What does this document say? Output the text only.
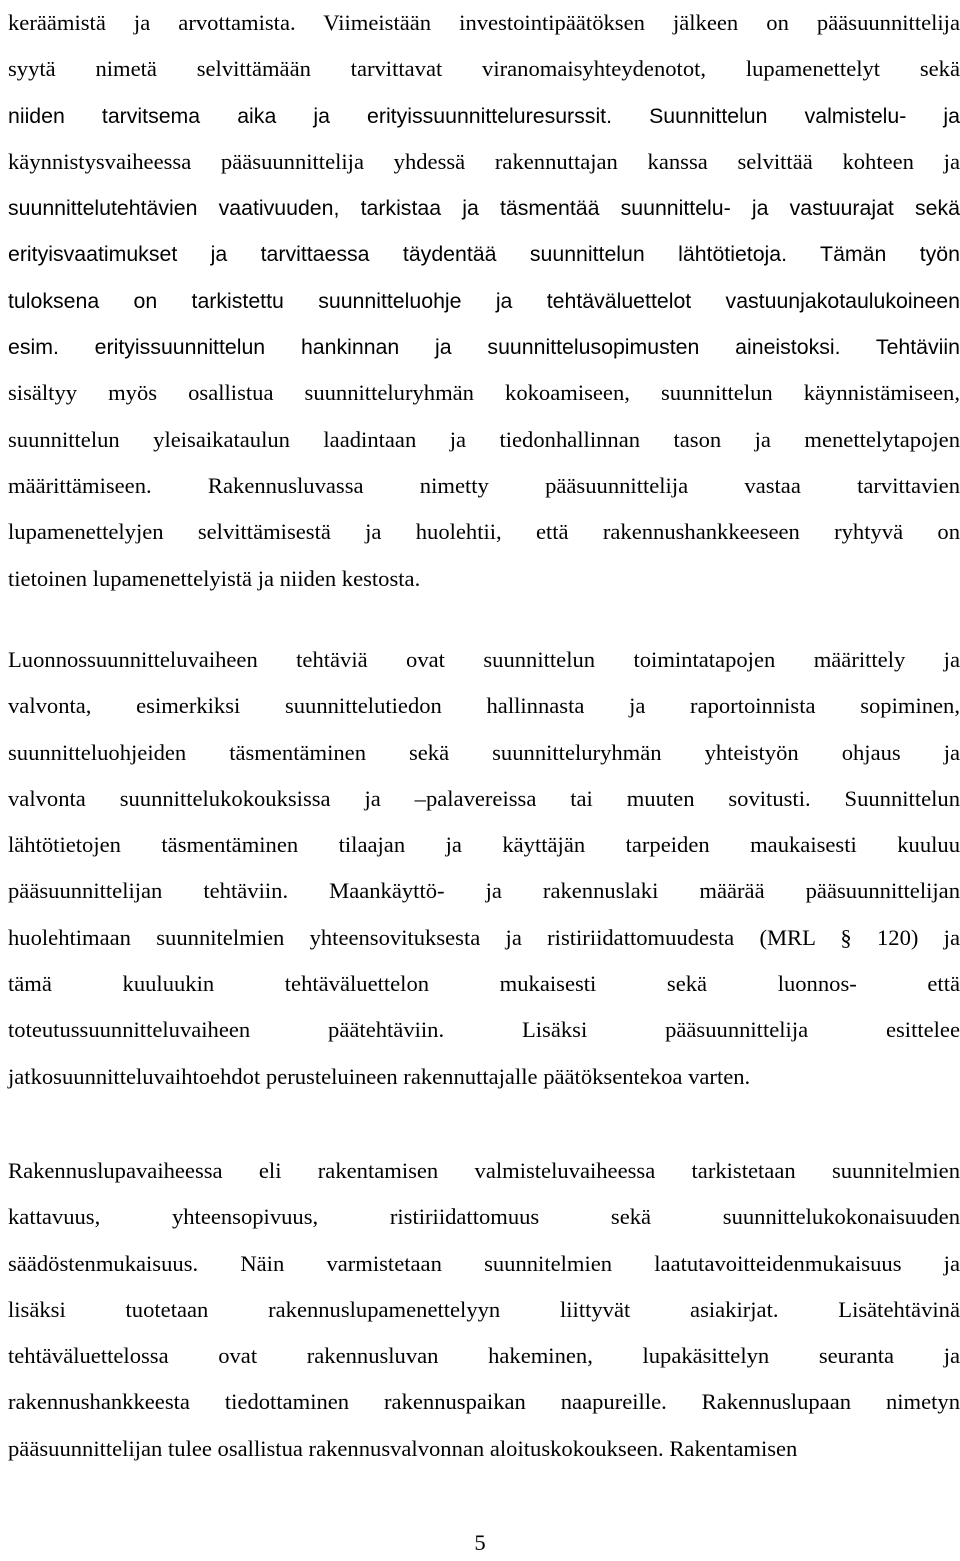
keräämistä ja arvottamista. Viimeistään investointipäätöksen jälkeen on pääsuunnittelija
syytä nimetä selvittämään tarvittavat viranomaisyhteydenotot, lupamenettelyt sekä
niiden tarvitsema aika ja erityissuunnitteluresurssit. Suunnittelun valmistelu- ja
käynnistysvaiheessa pääsuunnittelija yhdessä rakennuttajan kanssa selvittää kohteen ja
suunnittelutehtävien vaativuuden, tarkistaa ja täsmentää suunnittelu- ja vastuurajat sekä
erityisvaatimukset ja tarvittaessa täydentää suunnittelun lähtötietoja. Tämän työn
tuloksena on tarkistettu suunnitteluohje ja tehtäväluettelot vastuunjakotaulukoineen
esim. erityissuunnittelun hankinnan ja suunnittelusopimusten aineistoksi. Tehtäviin
sisältyy myös osallistua suunnitteluryhmän kokoamiseen, suunnittelun käynnistämiseen,
suunnittelun yleisaikataulun laadintaan ja tiedonhallinnan tason ja menettelytapojen
määrittämiseen. Rakennusluvassa nimetty pääsuunnittelija vastaa tarvittavien
lupamenettelyjen selvittämisestä ja huolehtii, että rakennushankkeeseen ryhtyvä on
tietoinen lupamenettelyistä ja niiden kestosta.
Luonnossuunnitteluvaiheen tehtäviä ovat suunnittelun toimintatapojen määrittely ja
valvonta, esimerkiksi suunnittelutiedon hallinnasta ja raportoinnista sopiminen,
suunnitteluohjeiden täsmentäminen sekä suunnitteluryhmän yhteistyön ohjaus ja
valvonta suunnittelukokouksissa ja –palavereissa tai muuten sovitusti. Suunnittelun
lähtötietojen täsmentäminen tilaajan ja käyttäjän tarpeiden maukaisesti kuuluu
pääsuunnittelijan tehtäviin. Maankäyttö- ja rakennuslaki määrää pääsuunnittelijan
huolehtimaan suunnitelmien yhteensovituksesta ja ristiriidattomuudesta (MRL § 120) ja
tämä kuuluukin tehtäväluettelon mukaisesti sekä luonnos- että
toteutussuunnitteluvaiheen päätehtäviin. Lisäksi pääsuunnittelija esittelee
jatkosuunnitteluvaihtoehdot perusteluineen rakennuttajalle päätöksentekoa varten.
Rakennuslupavaiheessa eli rakentamisen valmisteluvaiheessa tarkistetaan suunnitelmien
kattavuus, yhteensopivuus, ristiriidattomuus sekä suunnittelukokonaisuuden
säädöstenmukaisuus. Näin varmistetaan suunnitelmien laatutavoitteidenmukaisuus ja
lisäksi tuotetaan rakennuslupamenettelyyn liittyvät asiakirjat. Lisätehtävinä
tehtäväluettelossa ovat rakennusluvan hakeminen, lupakäsittelyn seuranta ja
rakennushankkeesta tiedottaminen rakennuspaikan naapureille. Rakennuslupaan nimetyn
pääsuunnittelijan tulee osallistua rakennusvalvonnan aloituskokoukseen. Rakentamisen
5
